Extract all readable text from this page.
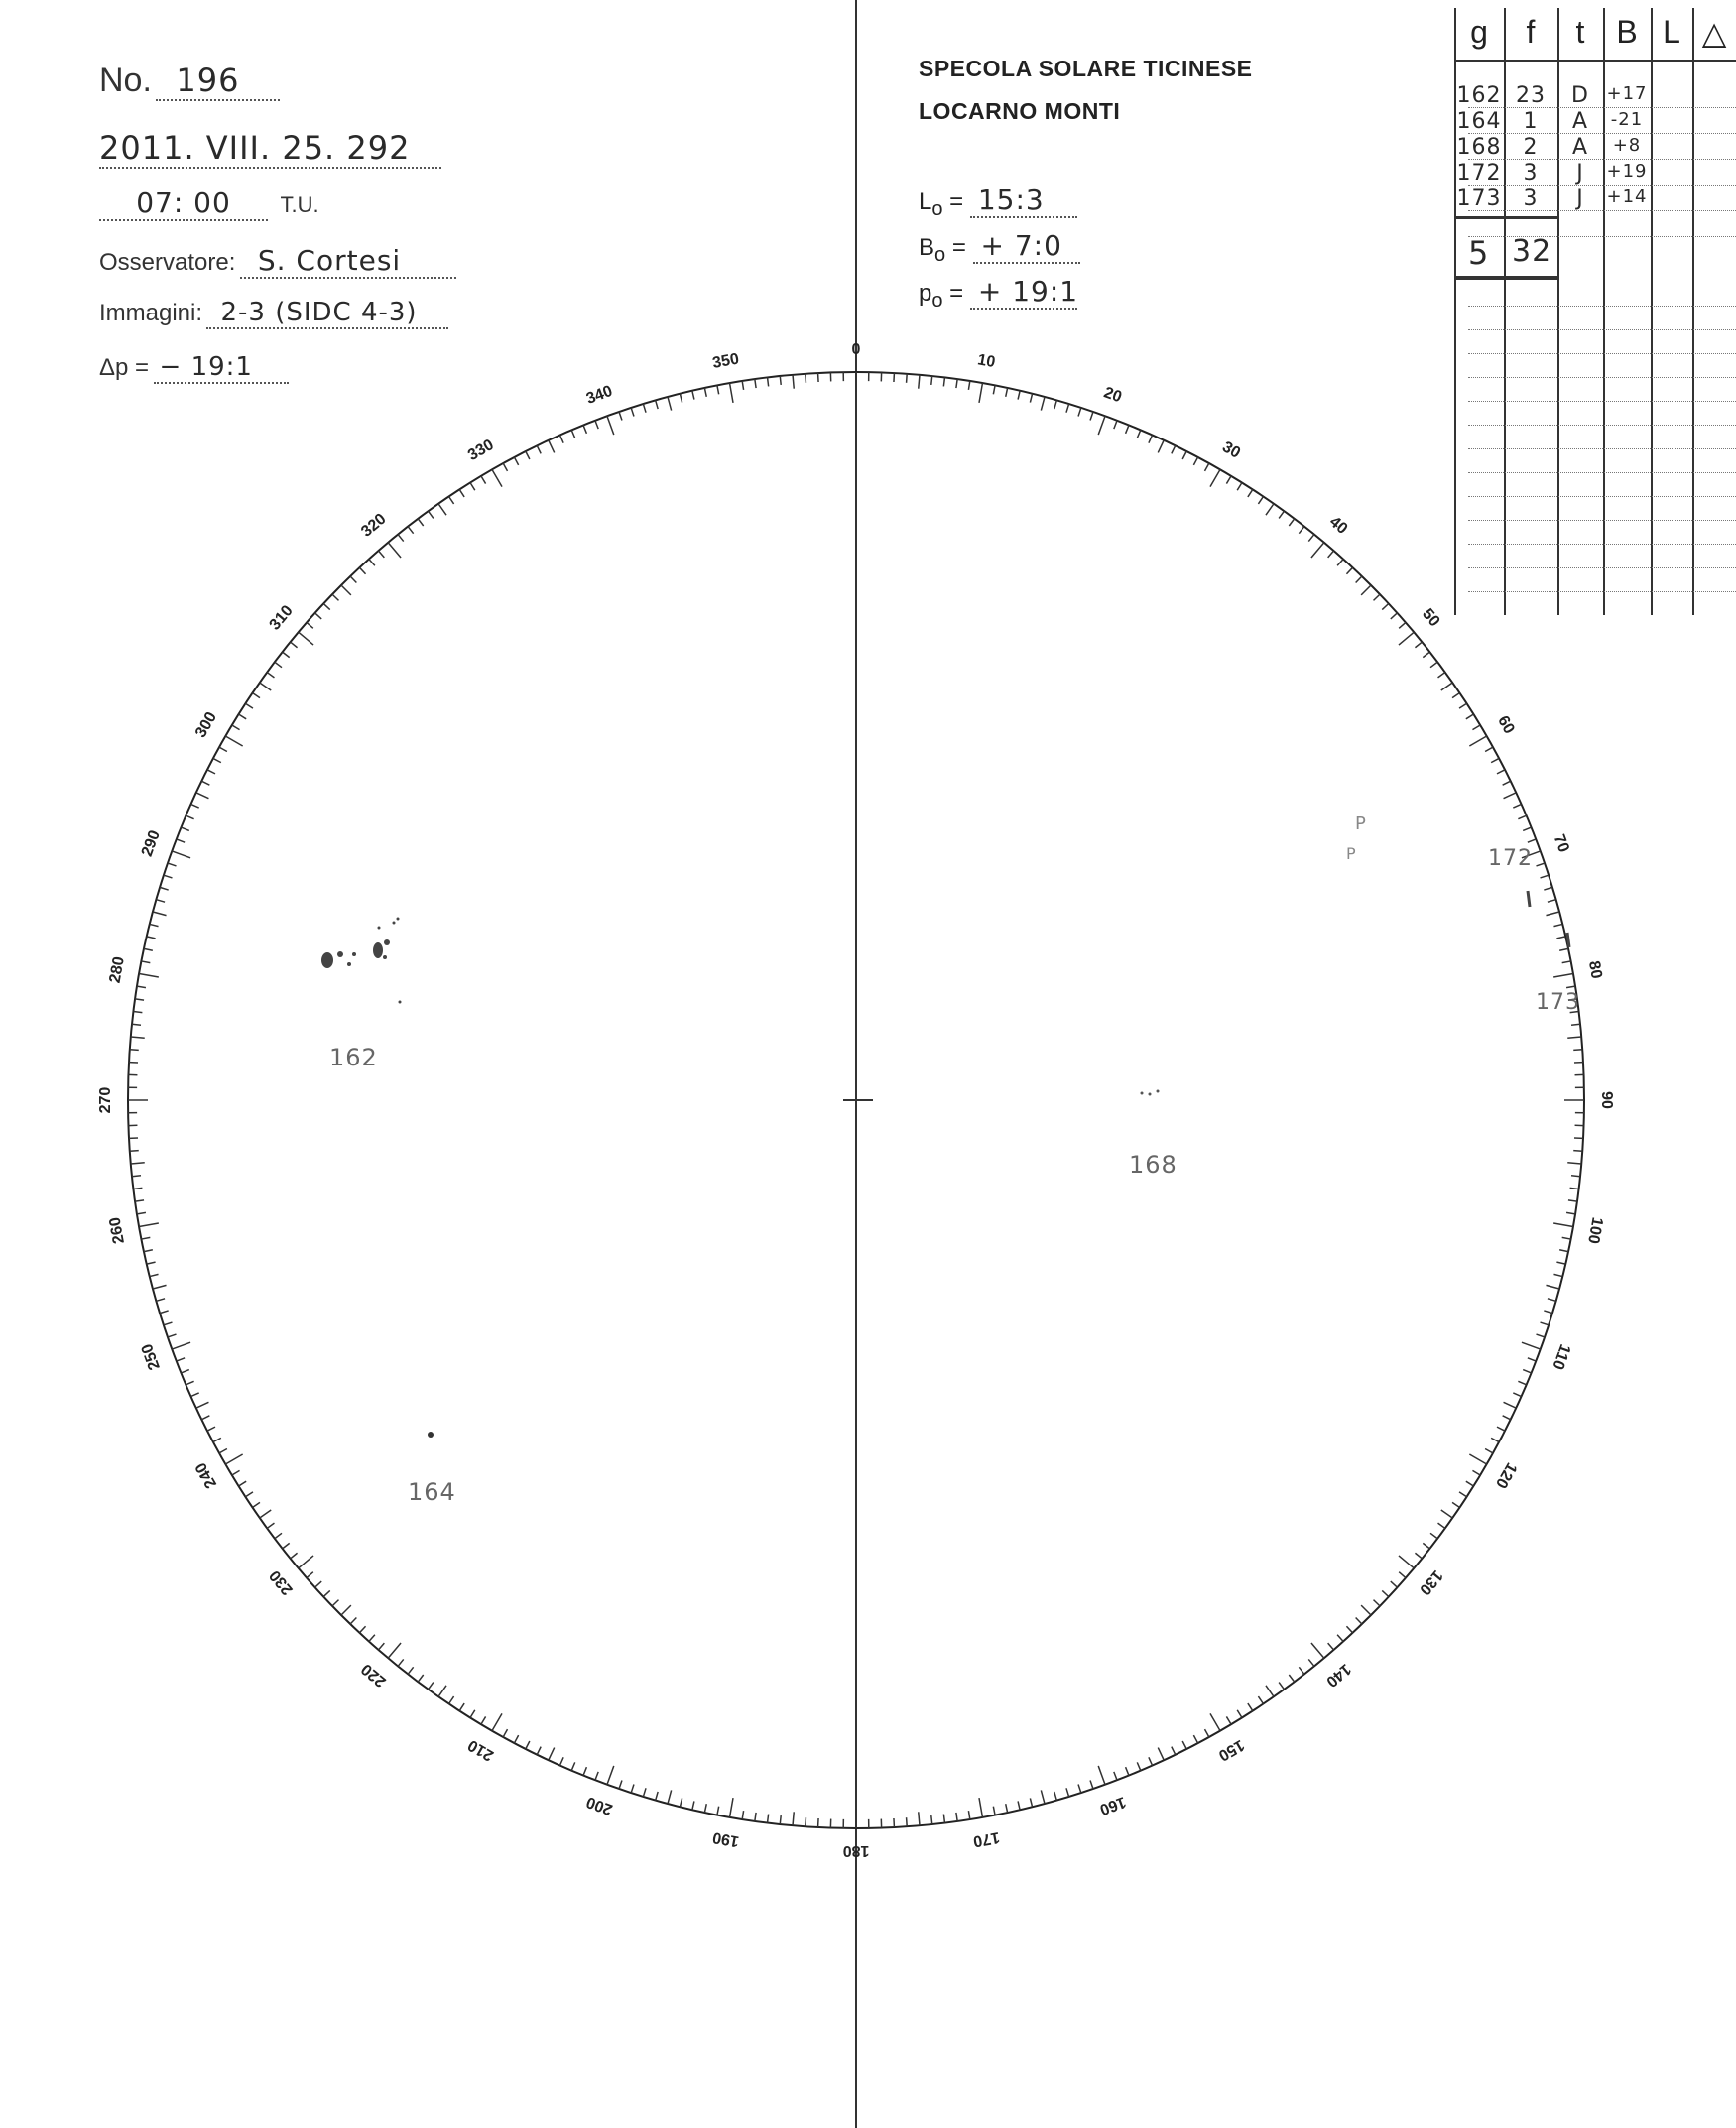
No. 196
2011. VIII. 25. 292
07: 00 T.U.
Osservatore: S. Cortesi
Immagini: 2-3 (SIDC 4-3)
Δp = − 19:1
SPECOLA SOLARE TICINESE
LOCARNO MONTI
$L_o$ = 15:3
$B_o$ = + 7:0
$p_o$ = + 19:1
0
10
20
30
40
50
60
70
80
90
100
110
120
130
140
150
160
170
180
190
200
210
220
230
240
250
260
270
280
290
300
310
320
330
340
350
162
164
168
172
173
P
P
g	f	t B L △
162 23	D +17
164	1	A	-21
168	2	A	+8
172	3	J	+19
173	3	J	+14
5 32
